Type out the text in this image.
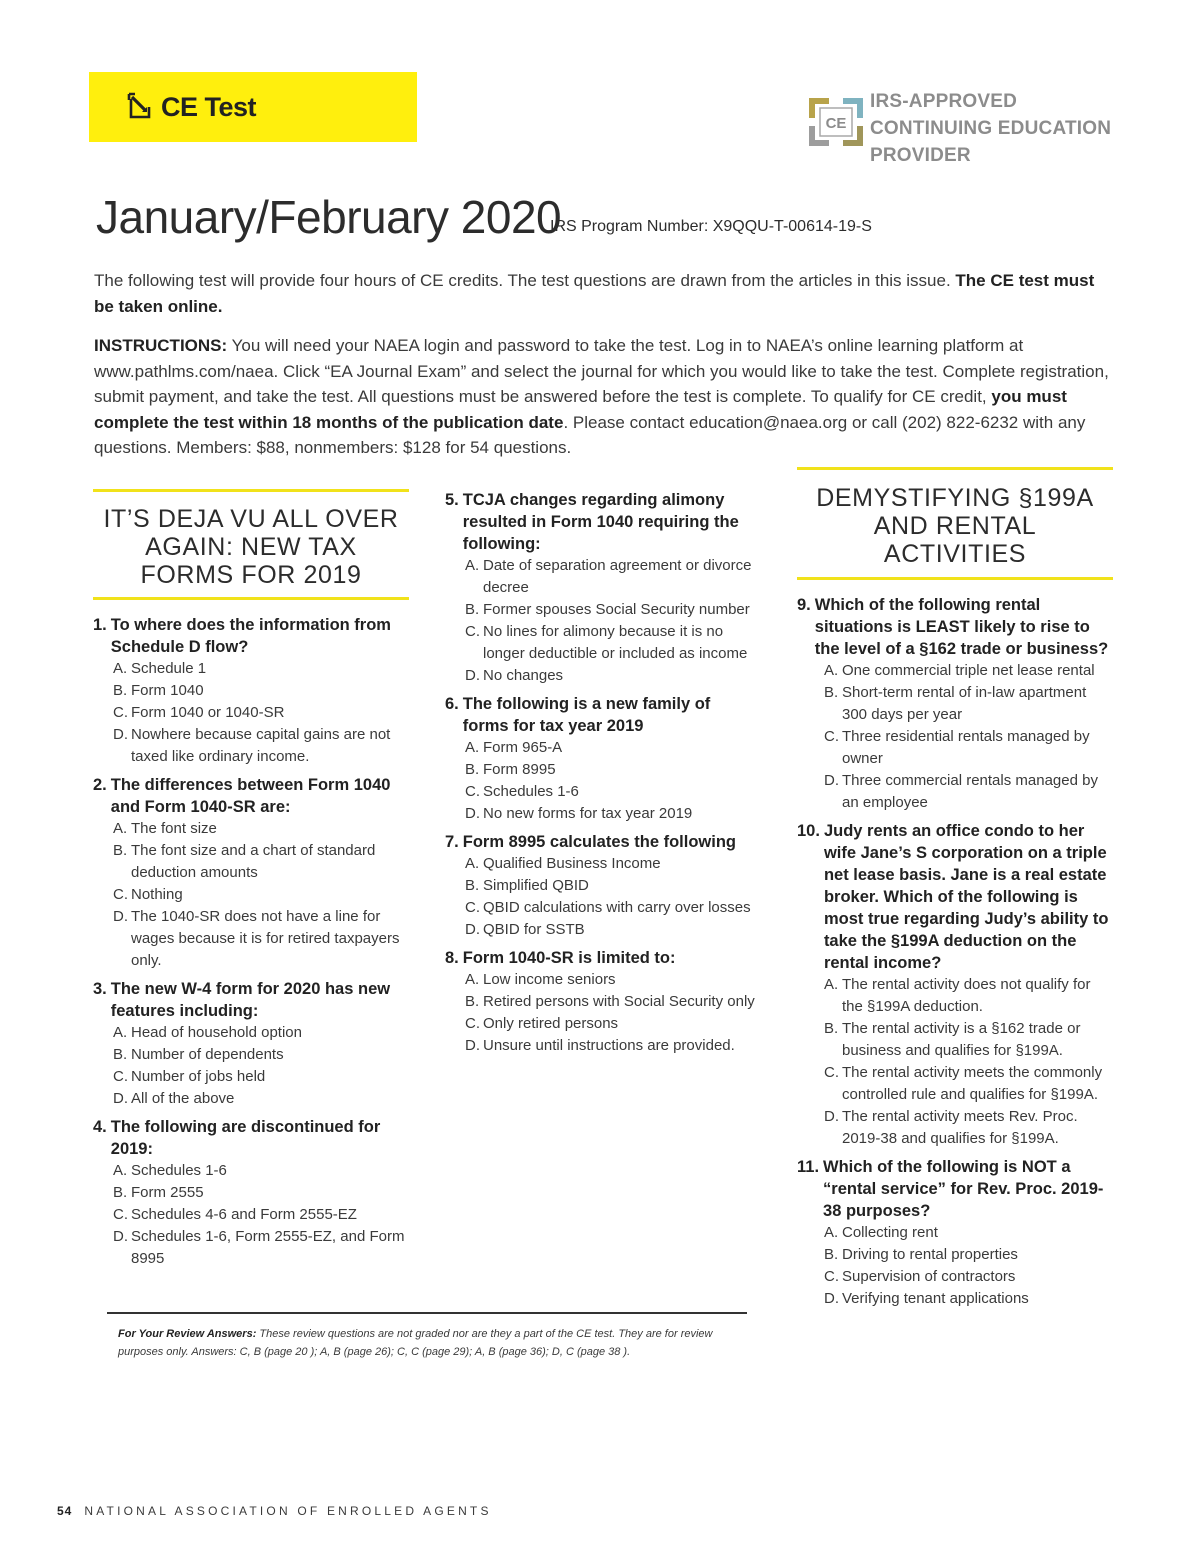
CE Test
CE
IRS-APPROVED
CONTINUING EDUCATION
PROVIDER
January/February 2020
IRS Program Number: X9QQU-T-00614-19-S
The following test will provide four hours of CE credits. The test questions are drawn from the articles in this issue. The CE test must be taken online.
INSTRUCTIONS: You will need your NAEA login and password to take the test. Log in to NAEA’s online learning platform at www.pathlms.com/naea. Click “EA Journal Exam” and select the journal for which you would like to take the test. Complete registration, submit payment, and take the test. All questions must be answered before the test is complete. To qualify for CE credit, you must complete the test within 18 months of the publication date. Please contact education@naea.org or call (202) 822-6232 with any questions. Members: $88, nonmembers: $128 for 54 questions.
IT’S DEJA VU ALL OVER AGAIN: NEW TAX FORMS FOR 2019
1. To where does the information from Schedule D flow?
A. Schedule 1
B. Form 1040
C. Form 1040 or 1040-SR
D. Nowhere because capital gains are not taxed like ordinary income.
2. The differences between Form 1040 and Form 1040-SR are:
A. The font size
B. The font size and a chart of standard deduction amounts
C. Nothing
D. The 1040-SR does not have a line for wages because it is for retired taxpayers only.
3. The new W-4 form for 2020 has new features including:
A. Head of household option
B. Number of dependents
C. Number of jobs held
D. All of the above
4. The following are discontinued for 2019:
A. Schedules 1-6
B. Form 2555
C. Schedules 4-6 and Form 2555-EZ
D. Schedules 1-6, Form 2555-EZ, and Form 8995
5. TCJA changes regarding alimony resulted in Form 1040 requiring the following:
A. Date of separation agreement or divorce decree
B. Former spouses Social Security number
C. No lines for alimony because it is no longer deductible or included as income
D. No changes
6. The following is a new family of forms for tax year 2019
A. Form 965-A
B. Form 8995
C. Schedules 1-6
D. No new forms for tax year 2019
7. Form 8995 calculates the following
A. Qualified Business Income
B. Simplified QBID
C. QBID calculations with carry over losses
D. QBID for SSTB
8. Form 1040-SR is limited to:
A. Low income seniors
B. Retired persons with Social Security only
C. Only retired persons
D. Unsure until instructions are provided.
DEMYSTIFYING §199A AND RENTAL ACTIVITIES
9. Which of the following rental situations is LEAST likely to rise to the level of a §162 trade or business?
A. One commercial triple net lease rental
B. Short-term rental of in-law apartment 300 days per year
C. Three residential rentals managed by owner
D. Three commercial rentals managed by an employee
10. Judy rents an office condo to her wife Jane’s S corporation on a triple net lease basis. Jane is a real estate broker. Which of the following is most true regarding Judy’s ability to take the §199A deduction on the rental income?
A. The rental activity does not qualify for the §199A deduction.
B. The rental activity is a §162 trade or business and qualifies for §199A.
C. The rental activity meets the commonly controlled rule and qualifies for §199A.
D. The rental activity meets Rev. Proc. 2019-38 and qualifies for §199A.
11. Which of the following is NOT a “rental service” for Rev. Proc. 2019-38 purposes?
A. Collecting rent
B. Driving to rental properties
C. Supervision of contractors
D. Verifying tenant applications
For Your Review Answers: These review questions are not graded nor are they a part of the CE test. They are for review purposes only. Answers: C, B (page 20 ); A, B (page 26); C, C (page 29); A, B (page 36); D, C (page 38 ).
54 NATIONAL ASSOCIATION OF ENROLLED AGENTS
